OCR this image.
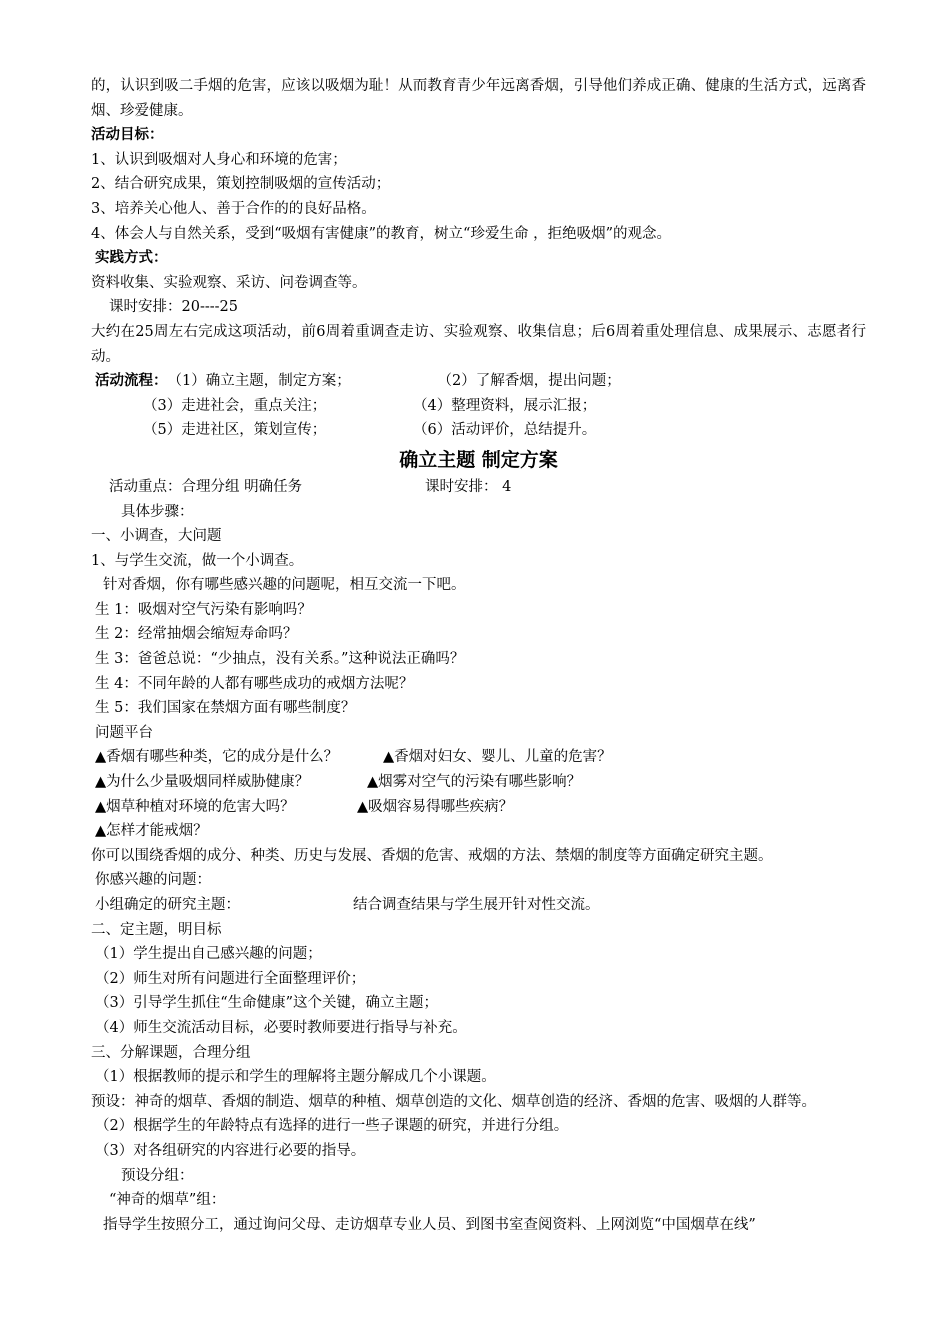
的，认识到吸二手烟的危害，应该以吸烟为耻！从而教育青少年远离香烟，引导他们养成正确、健康的生活方式，远离香烟、珍爱健康。
活动目标：
1、认识到吸烟对人身心和环境的危害；
2、结合研究成果，策划控制吸烟的宣传活动；
3、培养关心他人、善于合作的的良好品格。
4、体会人与自然关系，受到“吸烟有害健康”的教育，树立“珍爱生命 ，拒绝吸烟”的观念。
实践方式：
资料收集、实验观察、采访、问卷调查等。
课时安排：20----25
大约在25周左右完成这项活动，前6周着重调查走访、实验观察、收集信息；后6周着重处理信息、成果展示、志愿者行动。
活动流程：（1）确立主题，制定方案；	（2）了解香烟，提出问题；
（3）走进社会，重点关注；	（4）整理资料，展示汇报；
（5）走进社区，策划宣传；	（6）活动评价，总结提升。
确立主题 制定方案
活动重点：合理分组 明确任务	课时安排： 4
具体步骤：
一、小调查，大问题
1、与学生交流，做一个小调查。
针对香烟，你有哪些感兴趣的问题呢，相互交流一下吧。
生 1：吸烟对空气污染有影响吗？
生 2：经常抽烟会缩短寿命吗？
生 3：爸爸总说：“少抽点，没有关系。”这种说法正确吗？
生 4：不同年龄的人都有哪些成功的戒烟方法呢？
生 5：我们国家在禁烟方面有哪些制度？
问题平台
▲香烟有哪些种类，它的成分是什么？	▲香烟对妇女、婴儿、儿童的危害？
▲为什么少量吸烟同样威胁健康？	▲烟雾对空气的污染有哪些影响？
▲烟草种植对环境的危害大吗？	▲吸烟容易得哪些疾病？
▲怎样才能戒烟？
你可以围绕香烟的成分、种类、历史与发展、香烟的危害、戒烟的方法、禁烟的制度等方面确定研究主题。
你感兴趣的问题：
小组确定的研究主题：	结合调查结果与学生展开针对性交流。
二、定主题，明目标
（1）学生提出自己感兴趣的问题；
（2）师生对所有问题进行全面整理评价；
（3）引导学生抓住“生命健康”这个关键，确立主题；
（4）师生交流活动目标，必要时教师要进行指导与补充。
三、分解课题，合理分组
（1）根据教师的提示和学生的理解将主题分解成几个小课题。
预设：神奇的烟草、香烟的制造、烟草的种植、烟草创造的文化、烟草创造的经济、香烟的危害、吸烟的人群等。
（2）根据学生的年龄特点有选择的进行一些子课题的研究，并进行分组。
（3）对各组研究的内容进行必要的指导。
预设分组：
“神奇的烟草”组：
指导学生按照分工，通过询问父母、走访烟草专业人员、到图书室查阅资料、上网浏览“中国烟草在线”
